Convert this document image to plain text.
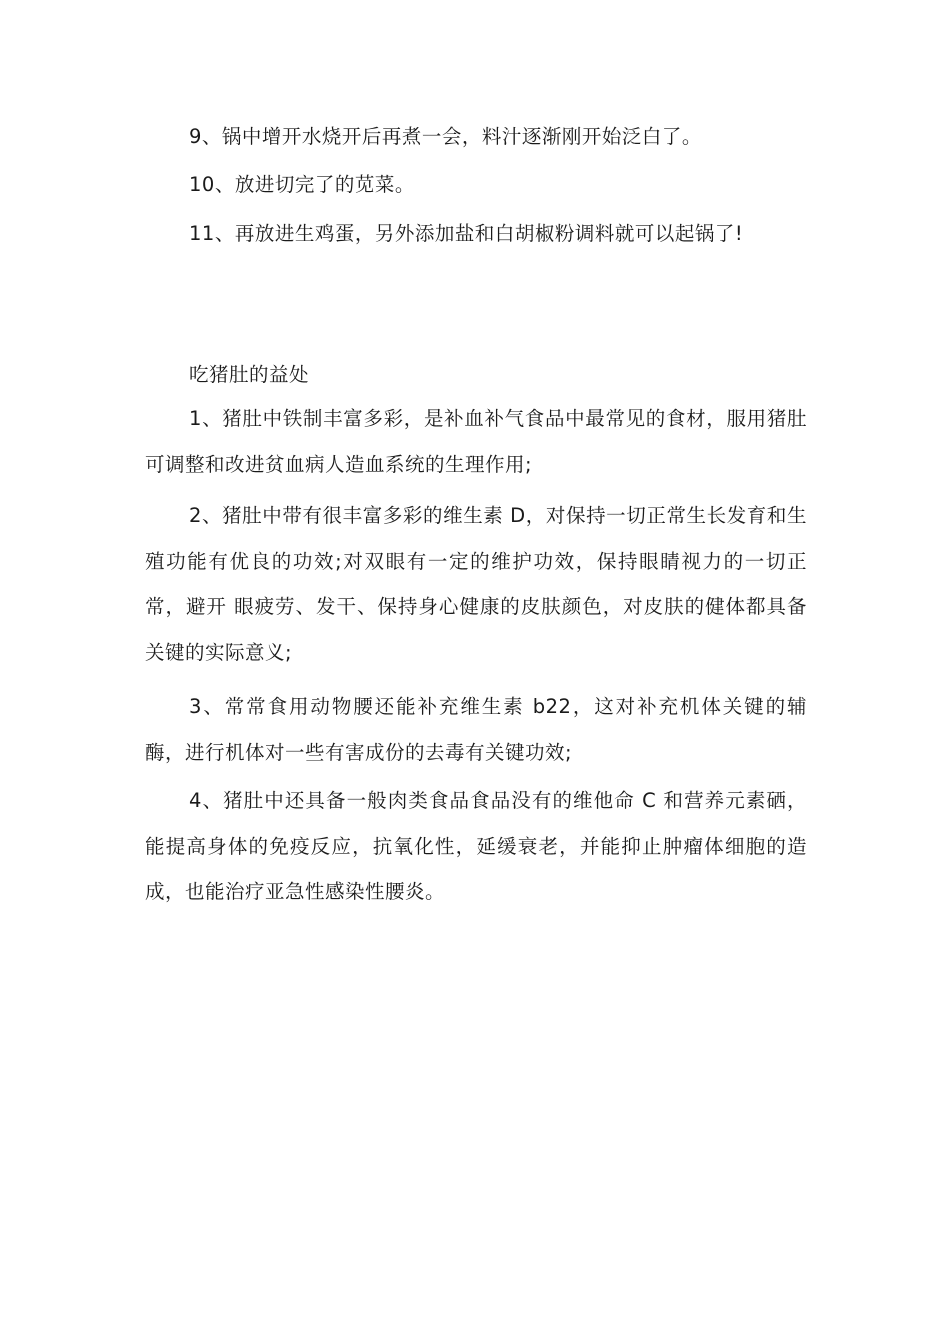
9、锅中增开水烧开后再煮一会，料汁逐渐刚开始泛白了。

10、放进切完了的苋菜。

11、再放进生鸡蛋，另外添加盐和白胡椒粉调料就可以起锅了!

吃猪肚的益处

1、猪肚中铁制丰富多彩，是补血补气食品中最常见的食材，服用猪肚可调整和改进贫血病人造血系统的生理作用;

2、猪肚中带有很丰富多彩的维生素 D，对保持一切正常生长发育和生殖功能有优良的功效;对双眼有一定的维护功效，保持眼睛视力的一切正常，避开 眼疲劳、发干、保持身心健康的皮肤颜色，对皮肤的健体都具备关键的实际意义;

3、常常食用动物腰还能补充维生素 b22，这对补充机体关键的辅酶，进行机体对一些有害成份的去毒有关键功效;

4、猪肚中还具备一般肉类食品食品没有的维他命 C 和营养元素硒，能提高身体的免疫反应，抗氧化性，延缓衰老，并能抑止肿瘤体细胞的造成，也能治疗亚急性感染性腰炎。
